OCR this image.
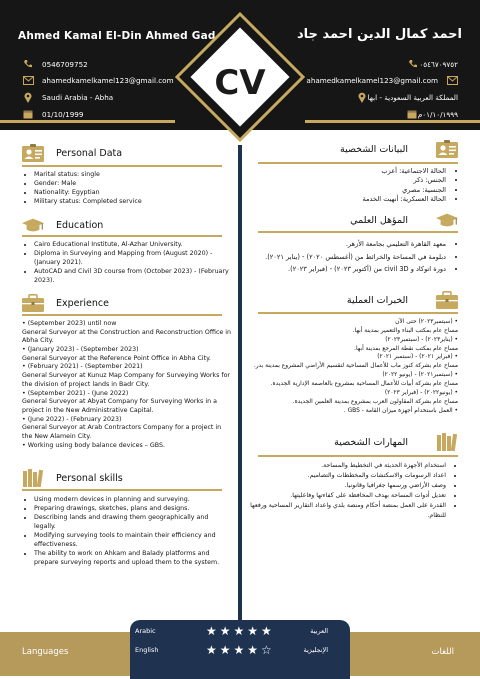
Ahmed Kamal El-Din Ahmed Gad	احمد كمال الدين احمد جاد
0546709752
ahamedkamelkamel123@gmail.com
Saudi Arabia - Abha
01/10/1999
٠٥٤٦٧٠٩٧٥٢
ahamedkamelkamel123@gmail.com
المملكة العربية السعودية - ابها
٠١/١٠/١٩٩٩م
CV
Personal Data
• Marital status: single
• Gender: Male
• Nationality: Egyptian
• Military status: Completed service
Education
• Cairo Educational Institute, Al-Azhar University.
• Diploma in Surveying and Mapping from (August 2020) - (January 2021).
• AutoCAD and Civil 3D course from (October 2023) - (February 2023).
Experience
• (September 2023) until now
General Surveyor at the Construction and Reconstruction Office in Abha City.
• (January 2023) - (September 2023)
General Surveyor at the Reference Point Office in Abha City.
• (February 2021) - (September 2021)
General Surveyor at Kunuz Map Company for Surveying Works for the division of project lands in Badr City.
• (September 2021) - (June 2022)
General Surveyor at Abyat Company for Surveying Works in a project in the New Administrative Capital.
• (June 2022) - (February 2023)
General Surveyor at Arab Contractors Company for a project in the New Alamein City.
• Working using body balance devices – GBS.
Personal skills
• Using modern devices in planning and surveying.
• Preparing drawings, sketches, plans and designs.
• Describing lands and drawing them geographically and legally.
• Modifying surveying tools to maintain their efficiency and effectiveness.
• The ability to work on Ahkam and Balady platforms and prepare surveying reports and upload them to the system.
البيانات الشخصية
• الحالة الاجتماعية: أعزب
• الجنس: ذكر
• الجنسية: مصري
• الحالة العسكرية: أنهيت الخدمة
المؤهل العلمي
• معهد القاهرة التعليمي بجامعة الأزهر.
• دبلومة في المساحة والخرائط من (أغسطس ٢٠٢٠) - (يناير ٢٠٢١).
• دورة اتوكاد و civil 3D من (أكتوبر ٢٠٢٣) - (فبراير ٢٠٢٣).
الخبرات العملية
• (سبتمبر٢٠٢٣) حتى الآن
مساح عام بمكتب البناء والتعمير بمدينة أبها.
• (يناير٢٠٢٣) - (سبتمبر٢٠٢٣)
مساح عام بمكتب نقطة المرجع بمدينة أبها.
• (فبراير ٢٠٢١) - (سبتمبر ٢٠٢١)
مساح عام بشركة كنوز ماب للأعمال المساحية لتقسيم الأراضي المشروع بمدينة بدر.
• (سبتمبر٢٠٢١) - (يونيو ٢٠٢٢)
مساح عام بشركة أبيات للأعمال المساحية بمشروع بالعاصمة الإدارية الجديدة.
• (يونيو٢٠٢٢) - (فبراير ٢٠٢٣)
مساح عام بشركة المقاولون العرب بمشروع بمدينة العلمين الجديدة.
• العمل باستخدام أجهزة ميزان القامة - GBS .
المهارات الشخصية
• استخدام الأجهزة الحديثة في التخطيط والمساحة.
• اعداد الرسومات والاسكتشات والمخططات والتصاميم.
• وصف الأراضي ورسمها جغرافيا وقانونيا.
• تعديل أدوات المساحة بهدف المحافظة على كفاءتها وفاعليتها.
• القدرة على العمل بمنصة أحكام ومنصة بلدي واعداد التقارير المساحية ورفعها للنظام.
Languages	اللغات
Arabic	★★★★★	العربية
English	★★★★☆	الإنجليزية
